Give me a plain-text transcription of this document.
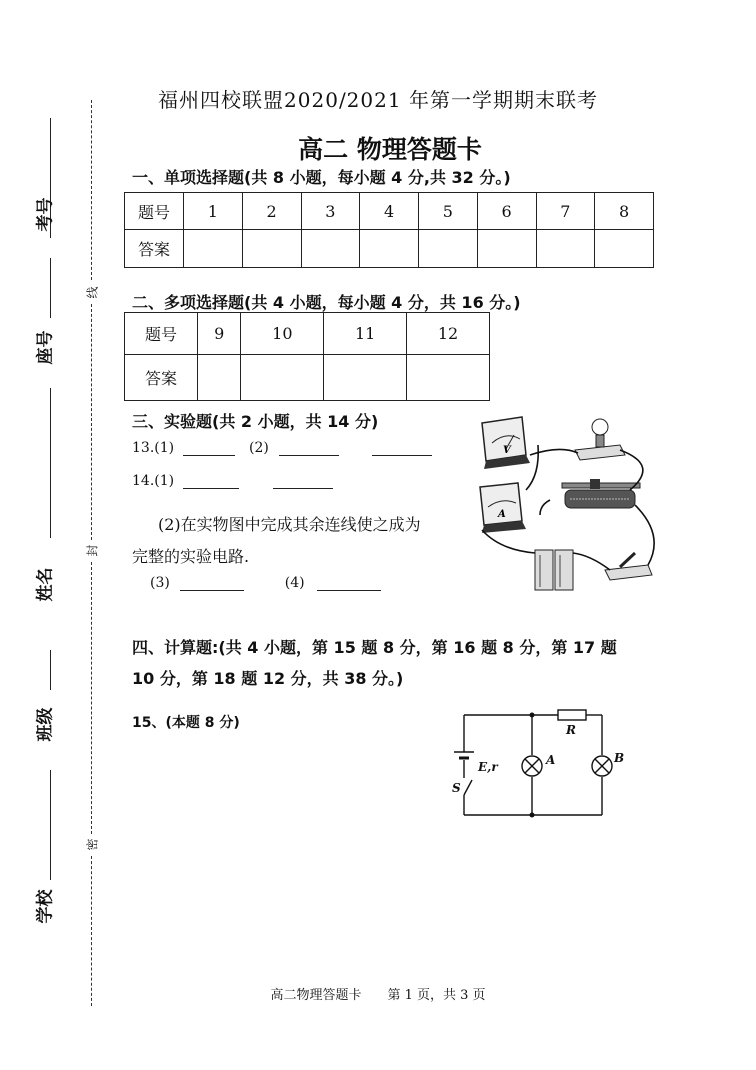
考号
座号
姓名
班级
学校
线
封
密
福州四校联盟2020/2021 年第一学期期末联考
高二 物理答题卡
一、单项选择题(共 8 小题，每小题 4 分,共 32 分。)
题号	1	2	3	4	5	6	7	8
答案								
二、多项选择题(共 4 小题，每小题 4 分，共 16 分。)
题号	9	10	11	12
答案				
三、实验题(共 2 小题，共 14 分)
13.(1)	(2)
14.(1)
(2)在实物图中完成其余连线使之成为
完整的实验电路.
(3)	(4)
V
A
四、计算题:(共 4 小题，第 15 题 8 分，第 16 题 8 分，第 17 题
10 分，第 18 题 12 分，共 38 分。)
15、(本题 8 分)	R
A	B
E,r
S
高二物理答题卡　　第 1 页，共 3 页
